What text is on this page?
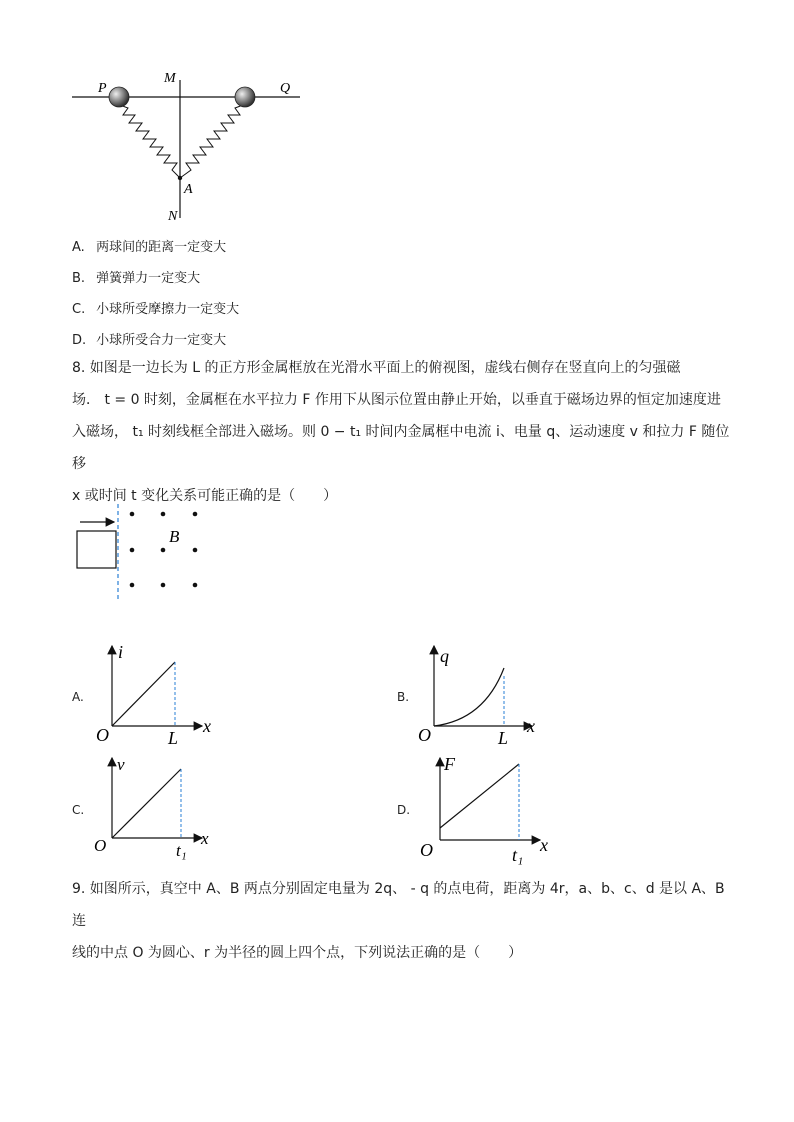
P	Q
M
A
N
A. 两球间的距离一定变大
B. 弹簧弹力一定变大
C. 小球所受摩擦力一定变大
D. 小球所受合力一定变大
8. 如图是一边长为 L 的正方形金属框放在光滑水平面上的俯视图，虚线右侧存在竖直向上的匀强磁
场． t = 0 时刻，金属框在水平拉力 F 作用下从图示位置由静止开始，以垂直于磁场边界的恒定加速度进
入磁场， t₁ 时刻线框全部进入磁场。则 0 − t₁ 时间内金属框中电流 i、电量 q、运动速度 v 和拉力 F 随位移
x 或时间 t 变化关系可能正确的是（　　）
B
A.
i
x
O	L
B.
q
x
O	L
C.
v
x
O	t₁
D.
F
x
O	t₁
9. 如图所示，真空中 A、B 两点分别固定电量为 2q、 - q 的点电荷，距离为 4r，a、b、c、d 是以 A、B 连
线的中点 O 为圆心、r 为半径的圆上四个点，下列说法正确的是（　　）
